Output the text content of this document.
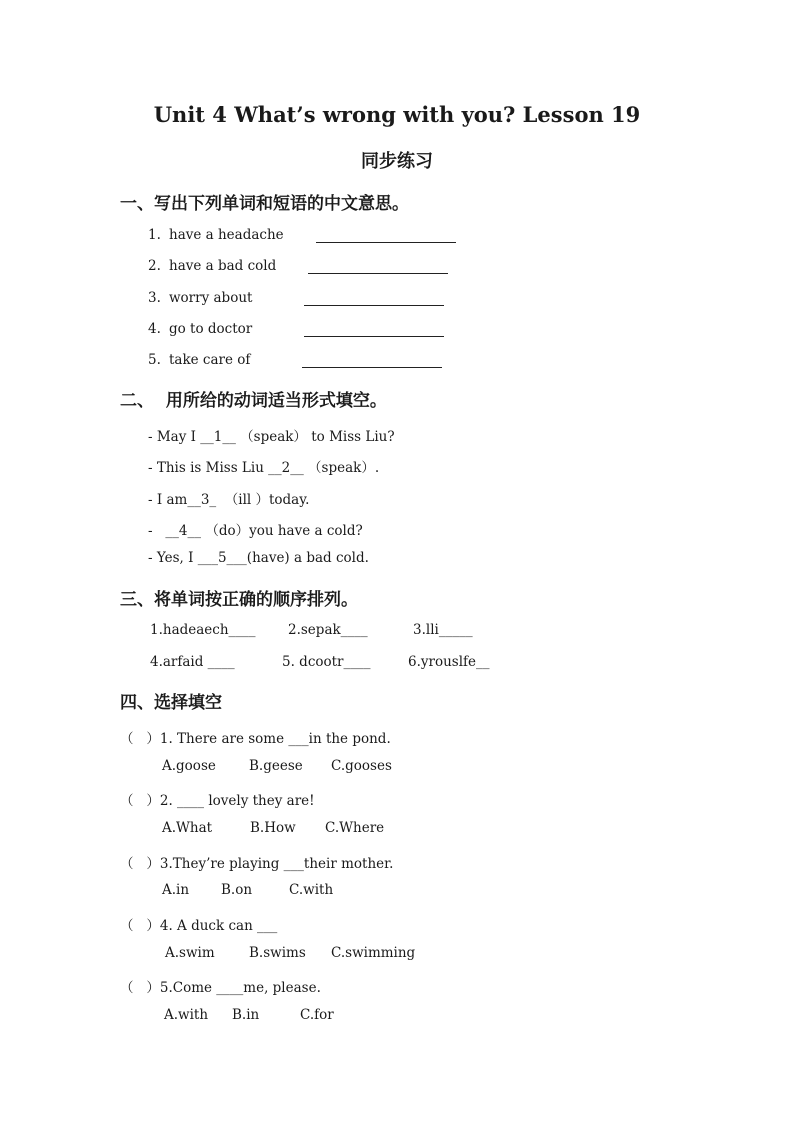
Unit 4 What’s wrong with you? Lesson 19
同步练习
一、写出下列单词和短语的中文意思。
1. have a headache
2. have a bad cold
3. worry about
4. go to doctor
5. take care of
二、  用所给的动词适当形式填空。
- May I __1__ （speak） to Miss Liu?
- This is Miss Liu __2__ （speak）.
- I am__3_  （ill ）today.
-   __4__ （do）you have a cold?
- Yes, I ___5___(have) a bad cold.
三、将单词按正确的顺序排列。
1.hadeaech____ 2.sepak____	3.lli_____
4.arfaid ____	5. dcootr____	6.yrouslfe__
四、选择填空
（   ）1. There are some ___in the pond.
A.goose B.geese C.gooses
（   ）2. ____ lovely they are!
A.What	B.How C.Where
（   ）3.They’re playing ___their mother.
A.in B.on	C.with
（   ）4. A duck can ___
A.swim	B.swims C.swimming
（   ）5.Come ____me, please.
A.with B.in	C.for
